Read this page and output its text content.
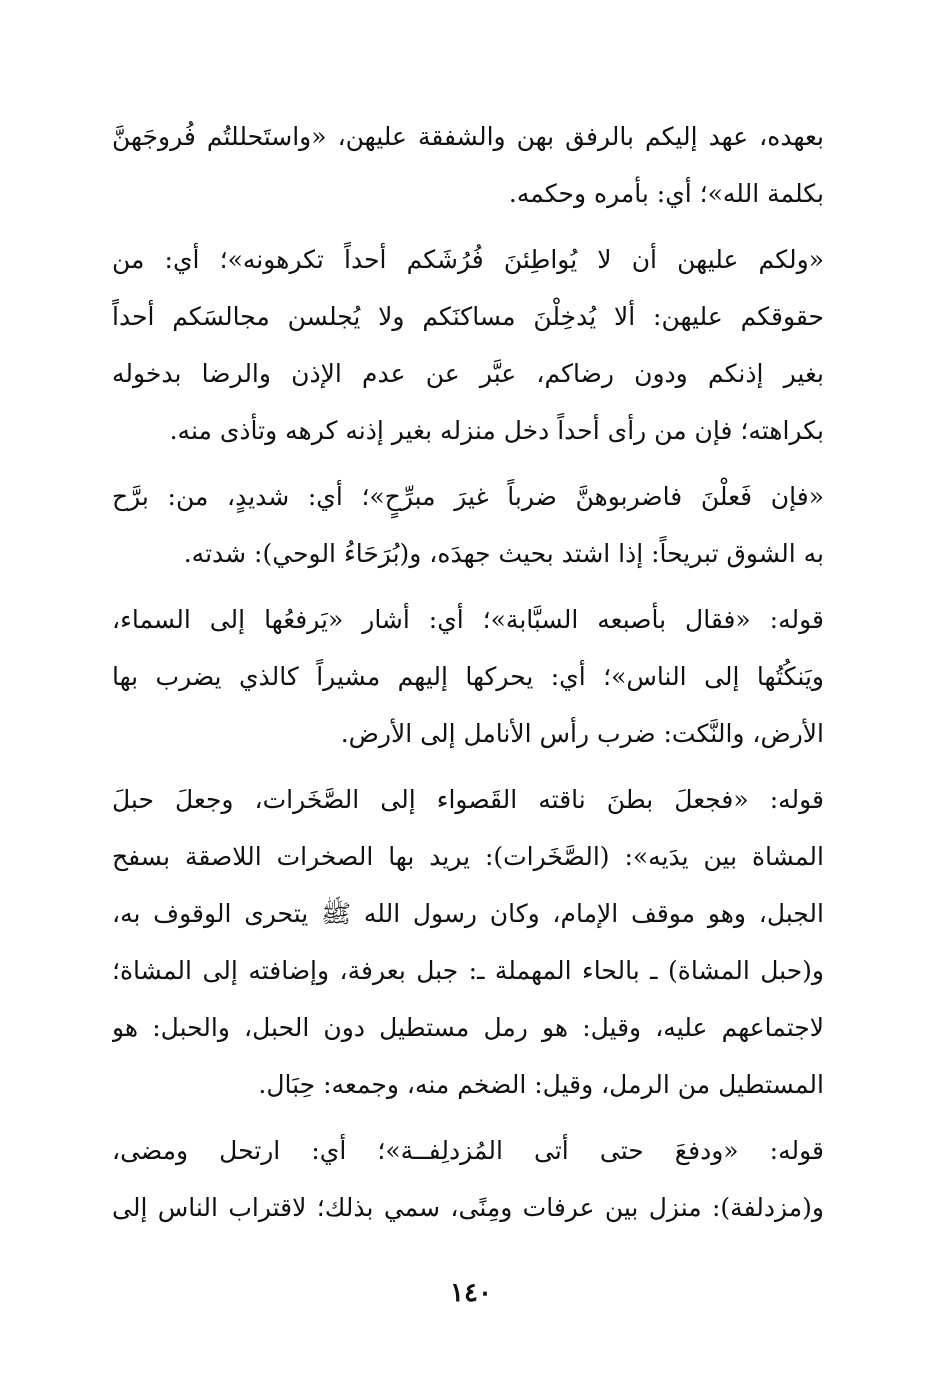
بعهده، عهد إليكم بالرفق بهن والشفقة عليهن، «واستَحللتُم فُروجَهنَّ
بكلمة الله»؛ أي: بأمره وحكمه.
«ولكم عليهن أن لا يُواطِئنَ فُرُشَكم أحداً تكرهونه»؛ أي: من
حقوقكم عليهن: ألا يُدخِلْنَ مساكنَكم ولا يُجلسن مجالسَكم أحداً
بغير إذنكم ودون رضاكم، عبَّر عن عدم الإذن والرضا بدخوله
بكراهته؛ فإن من رأى أحداً دخل منزله بغير إذنه كرهه وتأذى منه.
«فإن فَعلْنَ فاضربوهنَّ ضرباً غيرَ مبرِّحٍ»؛ أي: شديدٍ، من: برَّح
به الشوق تبريحاً: إذا اشتد بحيث جهدَه، و(بُرَحَاءُ الوحي): شدته.
قوله: «فقال بأصبعه السبَّابة»؛ أي: أشار «يَرفعُها إلى السماء،
ويَنكُتُها إلى الناس»؛ أي: يحركها إليهم مشيراً كالذي يضرب بها
الأرض، والنَّكت: ضرب رأس الأنامل إلى الأرض.
قوله: «فجعلَ بطنَ ناقته القَصواء إلى الصَّخَرات، وجعلَ حبلَ
المشاة بين يدَيه»: (الصَّخَرات): يريد بها الصخرات اللاصقة بسفح
الجبل، وهو موقف الإمام، وكان رسول الله ﷺ يتحرى الوقوف به،
و(حبل المشاة) ـ بالحاء المهملة ـ: جبل بعرفة، وإضافته إلى المشاة؛
لاجتماعهم عليه، وقيل: هو رمل مستطيل دون الحبل، والحبل: هو
المستطيل من الرمل، وقيل: الضخم منه، وجمعه: حِبَال.
قوله: «ودفعَ حتى أتى المُزدلِفــة»؛ أي: ارتحل ومضى،
و(مزدلفة): منزل بين عرفات ومِنًى، سمي بذلك؛ لاقتراب الناس إلى
١٤٠
